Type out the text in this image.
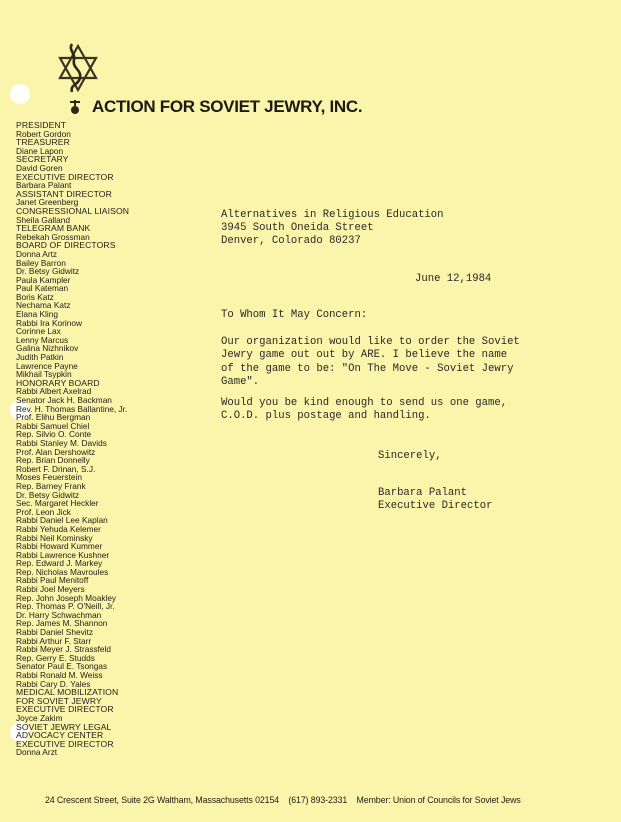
ACTION FOR SOVIET JEWRY, INC.
PRESIDENT
Robert Gordon
TREASURER
Diane Lapon
SECRETARY
David Goren
EXECUTIVE DIRECTOR
Barbara Palant
ASSISTANT DIRECTOR
Janet Greenberg
CONGRESSIONAL LIAISON
Sheila Galland
TELEGRAM BANK
Rebekah Grossman
BOARD OF DIRECTORS
Donna Artz
Bailey Barron
Dr. Betsy Gidwitz
Paula Kampler
Paul Kateman
Boris Katz
Nechama Katz
Elana Kling
Rabbi Ira Korinow
Corinne Lax
Lenny Marcus
Galina Nizhnikov
Judith Patkin
Lawrence Payne
Mikhail Tsypkin
HONORARY BOARD
Rabbi Albert Axelrad
Senator Jack H. Backman
Rev. H. Thomas Ballantine, Jr.
Prof. Elihu Bergman
Rabbi Samuel Chiel
Rep. Silvio O. Conte
Rabbi Stanley M. Davids
Prof. Alan Dershowitz
Rep. Brian Donnelly
Robert F. Drinan, S.J.
Moses Feuerstein
Rep. Barney Frank
Dr. Betsy Gidwitz
Sec. Margaret Heckler
Prof. Leon Jick
Rabbi Daniel Lee Kaplan
Rabbi Yehuda Kelemer
Rabbi Neil Kominsky
Rabbi Howard Kummer
Rabbi Lawrence Kushner
Rep. Edward J. Markey
Rep. Nicholas Mavroules
Rabbi Paul Menitoff
Rabbi Joel Meyers
Rep. John Joseph Moakley
Rep. Thomas P. O'Neill, Jr.
Dr. Harry Schwachman
Rep. James M. Shannon
Rabbi Daniel Shevitz
Rabbi Arthur F. Starr
Rabbi Meyer J. Strassfeld
Rep. Gerry E. Studds
Senator Paul E. Tsongas
Rabbi Ronald M. Weiss
Rabbi Cary D. Yales
MEDICAL MOBILIZATION
FOR SOVIET JEWRY
EXECUTIVE DIRECTOR
Joyce Zakim
SOVIET JEWRY LEGAL
ADVOCACY CENTER
EXECUTIVE DIRECTOR
Donna Arzt
Alternatives in Religious Education
3945 South Oneida Street
Denver, Colorado 80237
June 12,1984
To Whom It May Concern:
Our organization would like to order the Soviet
Jewry game out out by ARE. I believe the name
of the game to be: "On The Move - Soviet Jewry
Game".
Would you be kind enough to send us one game,
C.O.D. plus postage and handling.
Sincerely,
Barbara Palant
Executive Director
24 Crescent Street, Suite 2G Waltham, Massachusetts 02154 (617) 893-2331 Member: Union of Councils for Soviet Jews
